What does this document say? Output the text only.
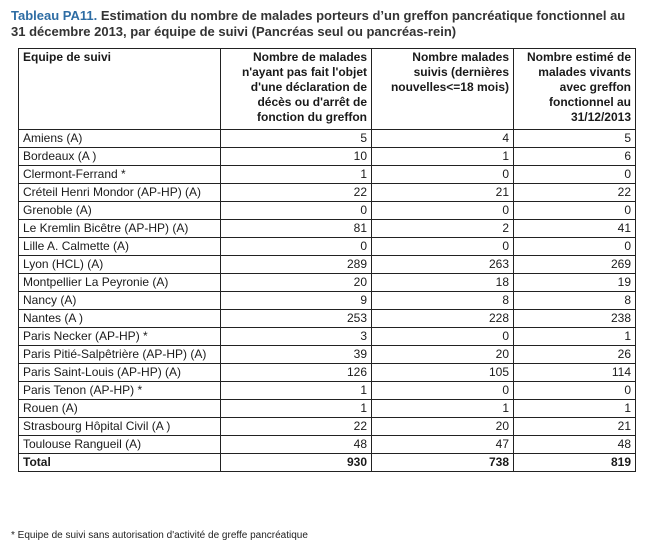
Tableau PA11. Estimation du nombre de malades porteurs d’un greffon pancréatique fonctionnel au 31 décembre 2013, par équipe de suivi (Pancréas seul ou pancréas-rein)
Equipe de suivi	Nombre de malades n'ayant pas fait l'objet d'une déclaration de décès ou d'arrêt de fonction du greffon	Nombre malades suivis (dernières nouvelles<=18 mois)	Nombre estimé de malades vivants avec greffon fonctionnel au 31/12/2013
Amiens (A)	5	4	5
Bordeaux (A )	10	1	6
Clermont-Ferrand *	1	0	0
Créteil Henri Mondor (AP-HP) (A)	22	21	22
Grenoble (A)	0	0	0
Le Kremlin Bicêtre (AP-HP) (A)	81	2	41
Lille A. Calmette (A)	0	0	0
Lyon (HCL) (A)	289	263	269
Montpellier La Peyronie (A)	20	18	19
Nancy (A)	9	8	8
Nantes (A )	253	228	238
Paris Necker (AP-HP) *	3	0	1
Paris Pitié-Salpêtrière (AP-HP) (A)	39	20	26
Paris Saint-Louis (AP-HP) (A)	126	105	114
Paris Tenon (AP-HP) *	1	0	0
Rouen (A)	1	1	1
Strasbourg Hôpital Civil (A )	22	20	21
Toulouse Rangueil (A)	48	47	48
Total	930	738	819
* Equipe de suivi sans autorisation d'activité de greffe pancréatique
